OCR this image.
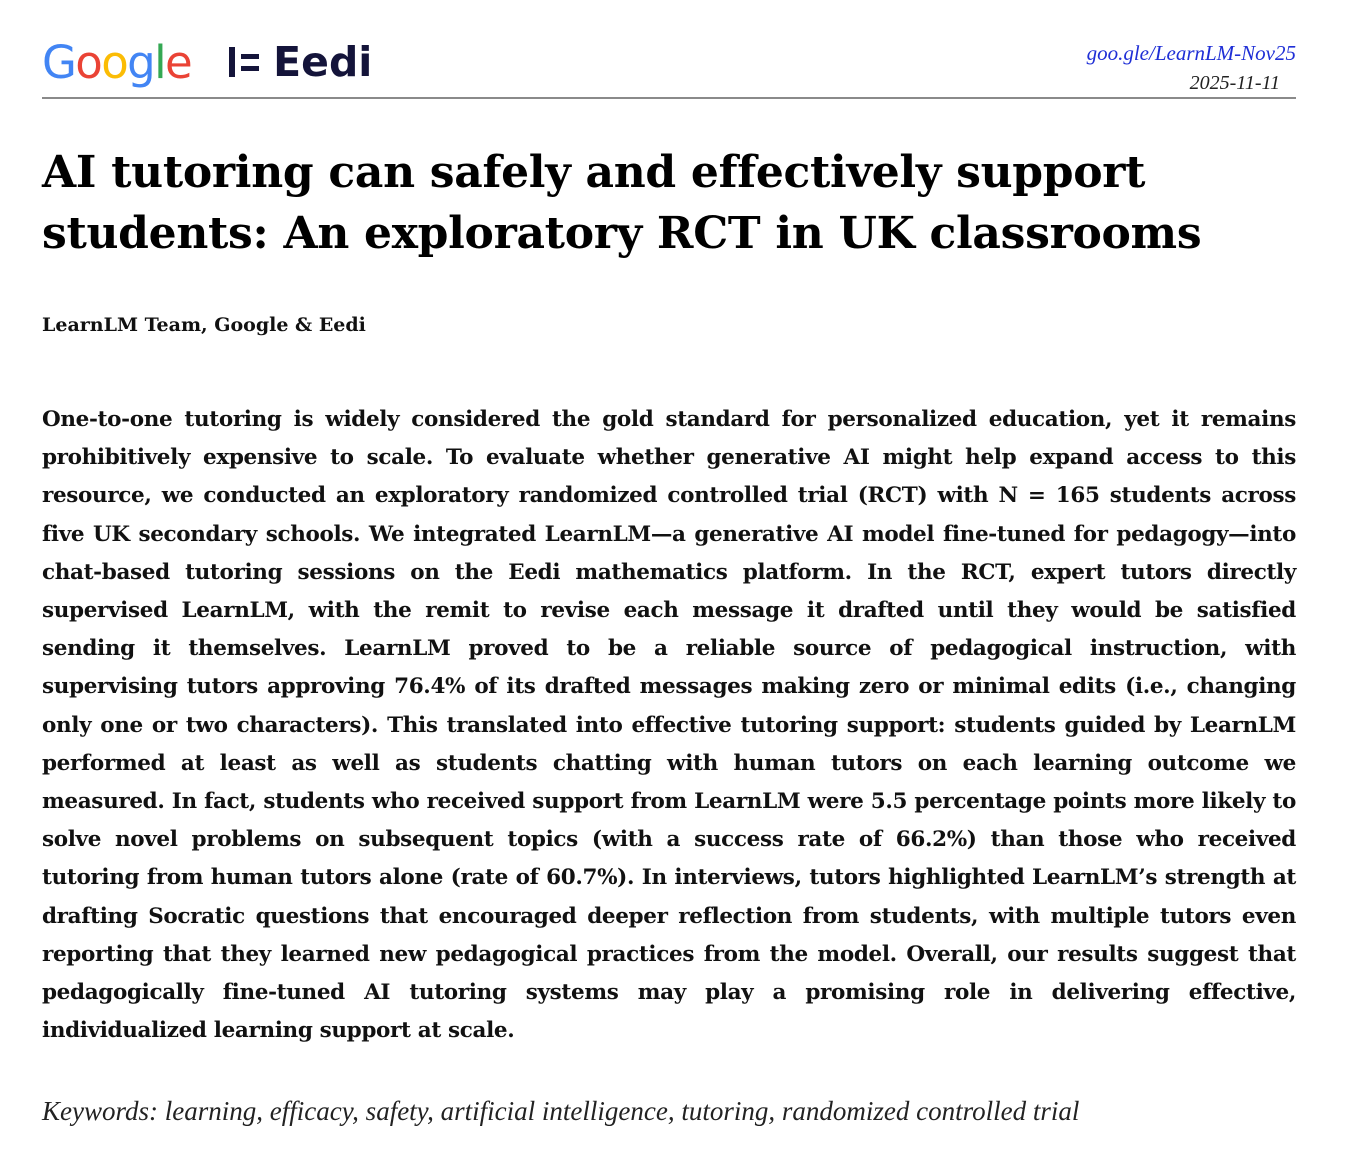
G o o g l e Eedi	goo.gle/LearnLM-Nov25
2025-11-11
AI tutoring can safely and effectively support students: An exploratory RCT in UK classrooms
LearnLM Team, Google & Eedi

One-to-one tutoring is widely considered the gold standard for personalized education, yet it remains prohibitively expensive to scale. To evaluate whether generative AI might help expand access to this resource, we conducted an exploratory randomized controlled trial (RCT) with N = 165 students across five UK secondary schools. We integrated LearnLM—a generative AI model fine-tuned for pedagogy—into chat-based tutoring sessions on the Eedi mathematics platform. In the RCT, expert tutors directly supervised LearnLM, with the remit to revise each message it drafted until they would be satisfied sending it themselves. LearnLM proved to be a reliable source of pedagogical instruction, with supervising tutors approving 76.4% of its drafted messages making zero or minimal edits (i.e., changing only one or two characters). This translated into effective tutoring support: students guided by LearnLM performed at least as well as students chatting with human tutors on each learning outcome we measured. In fact, students who received support from LearnLM were 5.5 percentage points more likely to solve novel problems on subsequent topics (with a success rate of 66.2%) than those who received tutoring from human tutors alone (rate of 60.7%). In interviews, tutors highlighted LearnLM’s strength at drafting Socratic questions that encouraged deeper reflection from students, with multiple tutors even reporting that they learned new pedagogical practices from the model. Overall, our results suggest that pedagogically fine-tuned AI tutoring systems may play a promising role in delivering effective, individualized learning support at scale.

Keywords: learning, efficacy, safety, artificial intelligence, tutoring, randomized controlled trial
